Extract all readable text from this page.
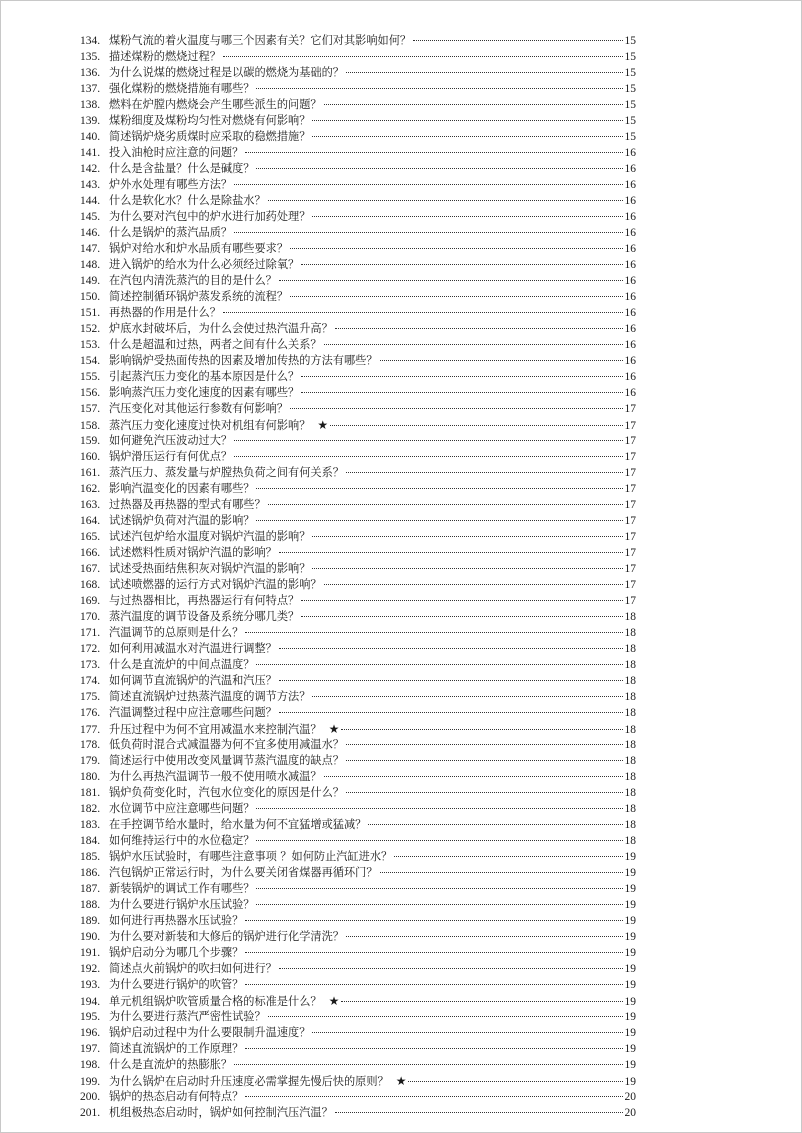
134. 煤粉气流的着火温度与哪三个因素有关？它们对其影响如何？	15
135. 描述煤粉的燃烧过程？	15
136. 为什么说煤的燃烧过程是以碳的燃烧为基础的？	15
137. 强化煤粉的燃烧措施有哪些？	15
138. 燃料在炉膛内燃烧会产生哪些派生的问题？	15
139. 煤粉细度及煤粉均匀性对燃烧有何影响？	15
140. 简述锅炉烧劣质煤时应采取的稳燃措施？	15
141. 投入油枪时应注意的问题？	16
142. 什么是含盐量？什么是碱度？	16
143. 炉外水处理有哪些方法？	16
144. 什么是软化水？什么是除盐水？	16
145. 为什么要对汽包中的炉水进行加药处理？	16
146. 什么是锅炉的蒸汽品质？	16
147. 锅炉对给水和炉水品质有哪些要求？	16
148. 进入锅炉的给水为什么必须经过除氧？	16
149. 在汽包内清洗蒸汽的目的是什么？	16
150. 简述控制循环锅炉蒸发系统的流程？	16
151. 再热器的作用是什么？	16
152. 炉底水封破坏后，为什么会使过热汽温升高？	16
153. 什么是超温和过热，两者之间有什么关系？	16
154. 影响锅炉受热面传热的因素及增加传热的方法有哪些？	16
155. 引起蒸汽压力变化的基本原因是什么？	16
156. 影响蒸汽压力变化速度的因素有哪些？	16
157. 汽压变化对其他运行参数有何影响？	17
158. 蒸汽压力变化速度过快对机组有何影响？ ★	17
159. 如何避免汽压波动过大？	17
160. 锅炉滑压运行有何优点？	17
161. 蒸汽压力、蒸发量与炉膛热负荷之间有何关系？	17
162. 影响汽温变化的因素有哪些？	17
163. 过热器及再热器的型式有哪些？	17
164. 试述锅炉负荷对汽温的影响？	17
165. 试述汽包炉给水温度对锅炉汽温的影响？	17
166. 试述燃料性质对锅炉汽温的影响？	17
167. 试述受热面结焦积灰对锅炉汽温的影响？	17
168. 试述喷燃器的运行方式对锅炉汽温的影响？	17
169. 与过热器相比，再热器运行有何特点？	17
170. 蒸汽温度的调节设备及系统分哪几类？	18
171. 汽温调节的总原则是什么？	18
172. 如何利用减温水对汽温进行调整？	18
173. 什么是直流炉的中间点温度？	18
174. 如何调节直流锅炉的汽温和汽压？	18
175. 简述直流锅炉过热蒸汽温度的调节方法？	18
176. 汽温调整过程中应注意哪些问题？	18
177. 升压过程中为何不宜用减温水来控制汽温？ ★	18
178. 低负荷时混合式减温器为何不宜多使用减温水？	18
179. 简述运行中使用改变风量调节蒸汽温度的缺点？	18
180. 为什么再热汽温调节一般不使用喷水减温？	18
181. 锅炉负荷变化时，汽包水位变化的原因是什么？	18
182. 水位调节中应注意哪些问题？	18
183. 在手控调节给水量时，给水量为何不宜猛增或猛减？	18
184. 如何维持运行中的水位稳定？	18
185. 锅炉水压试验时，有哪些注意事项 ？如何防止汽缸进水？	19
186. 汽包锅炉正常运行时，为什么要关闭省煤器再循环门？	19
187. 新装锅炉的调试工作有哪些？	19
188. 为什么要进行锅炉水压试验？	19
189. 如何进行再热器水压试验？	19
190. 为什么要对新装和大修后的锅炉进行化学清洗？	19
191. 锅炉启动分为哪几个步骤？	19
192. 简述点火前锅炉的吹扫如何进行？	19
193. 为什么要进行锅炉的吹管？	19
194. 单元机组锅炉吹管质量合格的标准是什么？ ★	19
195. 为什么要进行蒸汽严密性试验？	19
196. 锅炉启动过程中为什么要限制升温速度？	19
197. 简述直流锅炉的工作原理？	19
198. 什么是直流炉的热膨胀？	19
199. 为什么锅炉在启动时升压速度必需掌握先慢后快的原则？ ★	19
200. 锅炉的热态启动有何特点？	20
201. 机组极热态启动时，锅炉如何控制汽压汽温？	20
